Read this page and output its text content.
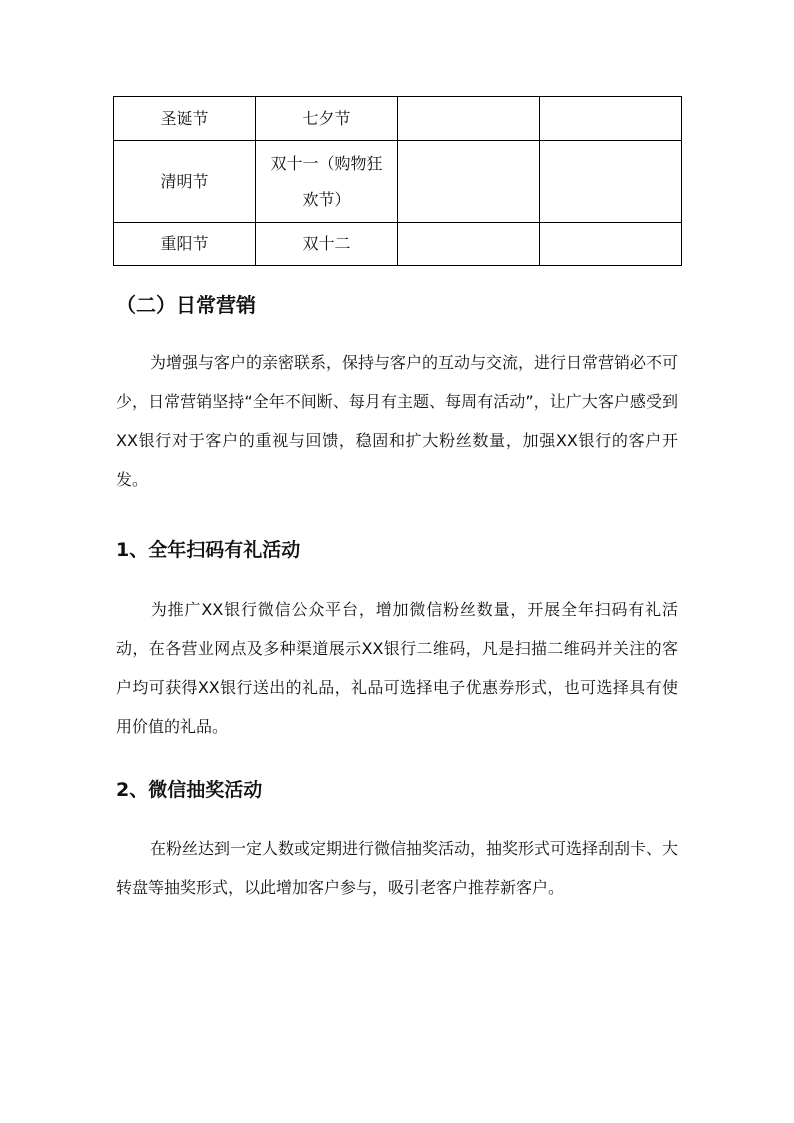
圣诞节	七夕节		
清明节	双十一（购物狂欢节）		
重阳节	双十二		
（二）日常营销

为增强与客户的亲密联系，保持与客户的互动与交流，进行日常营销必不可少，日常营销坚持“全年不间断、每月有主题、每周有活动”，让广大客户感受到XX银行对于客户的重视与回馈，稳固和扩大粉丝数量，加强XX银行的客户开发。

1、全年扫码有礼活动

为推广XX银行微信公众平台，增加微信粉丝数量，开展全年扫码有礼活动，在各营业网点及多种渠道展示XX银行二维码，凡是扫描二维码并关注的客户均可获得XX银行送出的礼品，礼品可选择电子优惠券形式，也可选择具有使用价值的礼品。

2、微信抽奖活动

在粉丝达到一定人数或定期进行微信抽奖活动，抽奖形式可选择刮刮卡、大转盘等抽奖形式，以此增加客户参与，吸引老客户推荐新客户。
